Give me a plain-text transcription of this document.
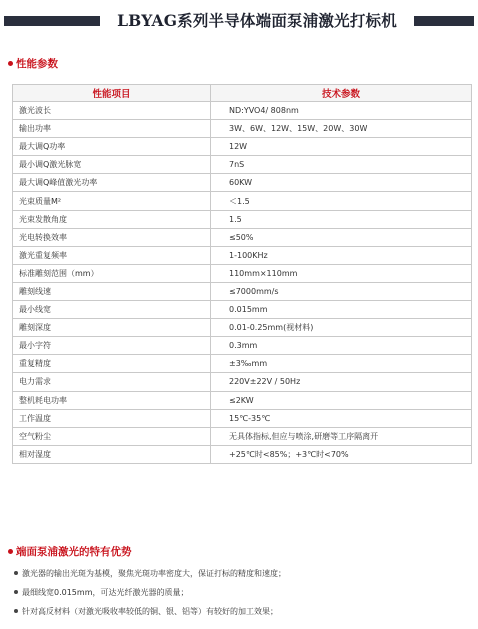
LBYAG系列半导体端面泵浦激光打标机
性能参数
性能项目	技术参数
激光波长	ND:YVO4/ 808nm
输出功率	3W、6W、12W、15W、20W、30W
最大调Q功率	12W
最小调Q激光脉宽	7nS
最大调Q峰值激光功率	60KW
光束质量M²	＜1.5
光束发散角度	1.5
光电转换效率	≤50%
激光重复频率	1-100KHz
标准雕刻范围（mm）	110mm×110mm
雕刻线速	≤7000mm/s
最小线宽	0.015mm
雕刻深度	0.01-0.25mm(视材料)
最小字符	0.3mm
重复精度	±3‰mm
电力需求	220V±22V / 50Hz
整机耗电功率	≤2KW
工作温度	15℃-35℃
空气粉尘	无具体指标,但应与喷涂,研磨等工序隔离开
相对湿度	+25℃时<85%；+3℃时<70%
端面泵浦激光的特有优势
激光器的输出光斑为基模，聚焦光斑功率密度大，保证打标的精度和速度；
最细线宽0.015mm，可达光纤激光器的质量；
针对高反材料（对激光吸收率较低的铜、银、铝等）有较好的加工效果；
